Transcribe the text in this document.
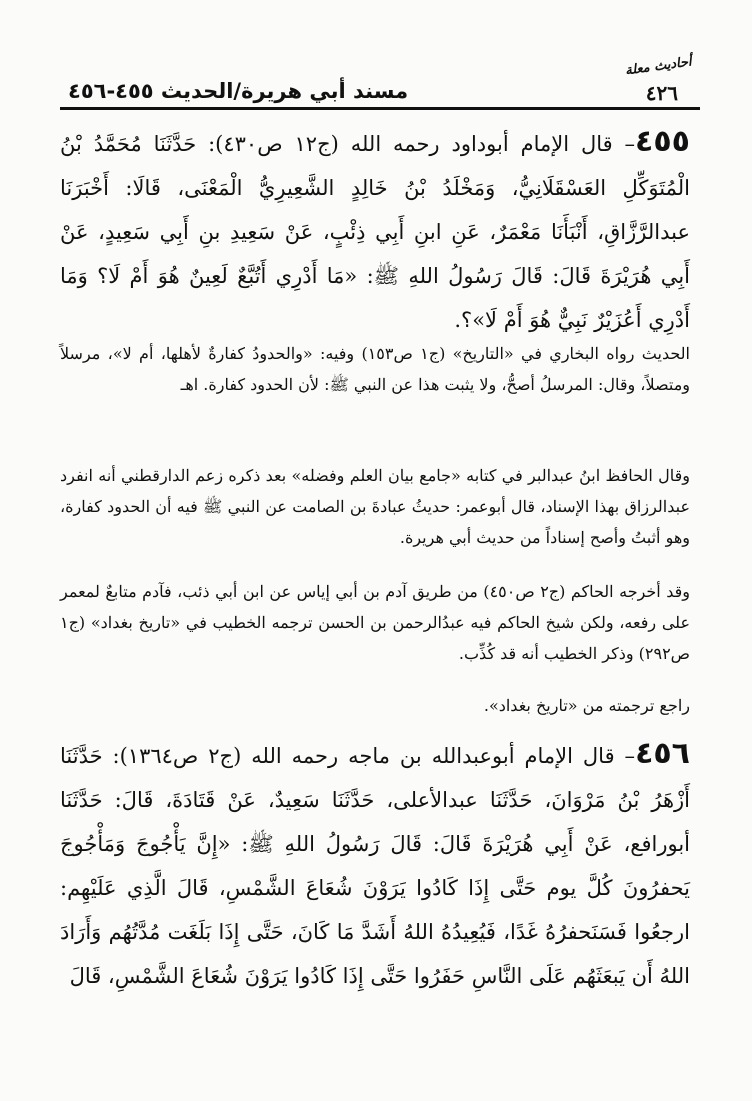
أحاديث معلة
٤٢٦
مسند أبي هريرة/الحديث ٤٥٥-٤٥٦

٤٥٥– قال الإمام أبوداود رحمه الله (ج١٢ ص٤٣٠): حَدَّثَنَا مُحَمَّدُ بْنُ الْمُتَوَكِّلِ العَسْقَلَانِيُّ، وَمَخْلَدُ بْنُ خَالِدٍ الشَّعِيرِيُّ الْمَعْنَى، قَالَا: أَخْبَرَنَا عبدالرَّزَّاقِ، أَنْبَأَنَا مَعْمَرٌ، عَنِ ابنِ أَبِي ذِئْبٍ، عَنْ سَعِيدِ بنِ أَبِي سَعِيدٍ، عَنْ أَبِي هُرَيْرَةَ قَالَ: قَالَ رَسُولُ اللهِ ﷺ: «مَا أَدْرِي أَتُبَّعٌ لَعِينٌ هُوَ أَمْ لَا؟ وَمَا أَدْرِي أَعُزَيْرٌ نَبِيٌّ هُوَ أَمْ لَا»؟.

الحديث رواه البخاري في «التاريخ» (ج١ ص١٥٣) وفيه: «والحدودُ كفارةٌ لأهلها، أم لا»، مرسلاً ومتصلاً، وقال: المرسلُ أصحُّ، ولا يثبت هذا عن النبي ﷺ: لأن الحدود كفارة. اهـ

وقال الحافظ ابنُ عبدالبر في كتابه «جامع بيان العلم وفضله» بعد ذكره زعم الدارقطني أنه انفرد عبدالرزاق بهذا الإسناد، قال أبوعمر: حديثُ عبادةَ بن الصامت عن النبي ﷺ فيه أن الحدود كفارة، وهو أثبتُ وأصح إسناداً من حديث أبي هريرة.

وقد أخرجه الحاكم (ج٢ ص٤٥٠) من طريق آدم بن أبي إياس عن ابن أبي ذئب، فآدم متابعٌ لمعمر على رفعه، ولكن شيخ الحاكم فيه عبدُالرحمن بن الحسن ترجمه الخطيب في «تاريخ بغداد» (ج١ ص٢٩٢) وذكر الخطيب أنه قد كُذِّب.

راجع ترجمته من «تاريخ بغداد».

٤٥٦– قال الإمام أبوعبدالله بن ماجه رحمه الله (ج٢ ص١٣٦٤): حَدَّثَنَا أَزْهَرُ بْنُ مَرْوَانَ، حَدَّثَنَا عبدالأعلى، حَدَّثَنَا سَعِيدٌ، عَنْ قَتَادَةَ، قَالَ: حَدَّثَنَا أبورافع، عَنْ أَبِي هُرَيْرَةَ قَالَ: قَالَ رَسُولُ اللهِ ﷺ: «إِنَّ يَأْجُوجَ وَمَأْجُوجَ يَحفرُونَ كُلَّ يوم حَتَّى إِذَا كَادُوا يَرَوْنَ شُعَاعَ الشَّمْسِ، قَالَ الَّذِي عَلَيْهِم: ارجعُوا فَسَنَحفرُهُ غَدًا، فَيُعِيدُهُ اللهُ أَشَدَّ مَا كَانَ، حَتَّى إِذَا بَلَغَت مُدَّتُهُم وَأَرَادَ اللهُ أَن يَبعَثَهُم عَلَى النَّاسِ حَفَرُوا حَتَّى إِذَا كَادُوا يَرَوْنَ شُعَاعَ الشَّمْسِ، قَالَ
